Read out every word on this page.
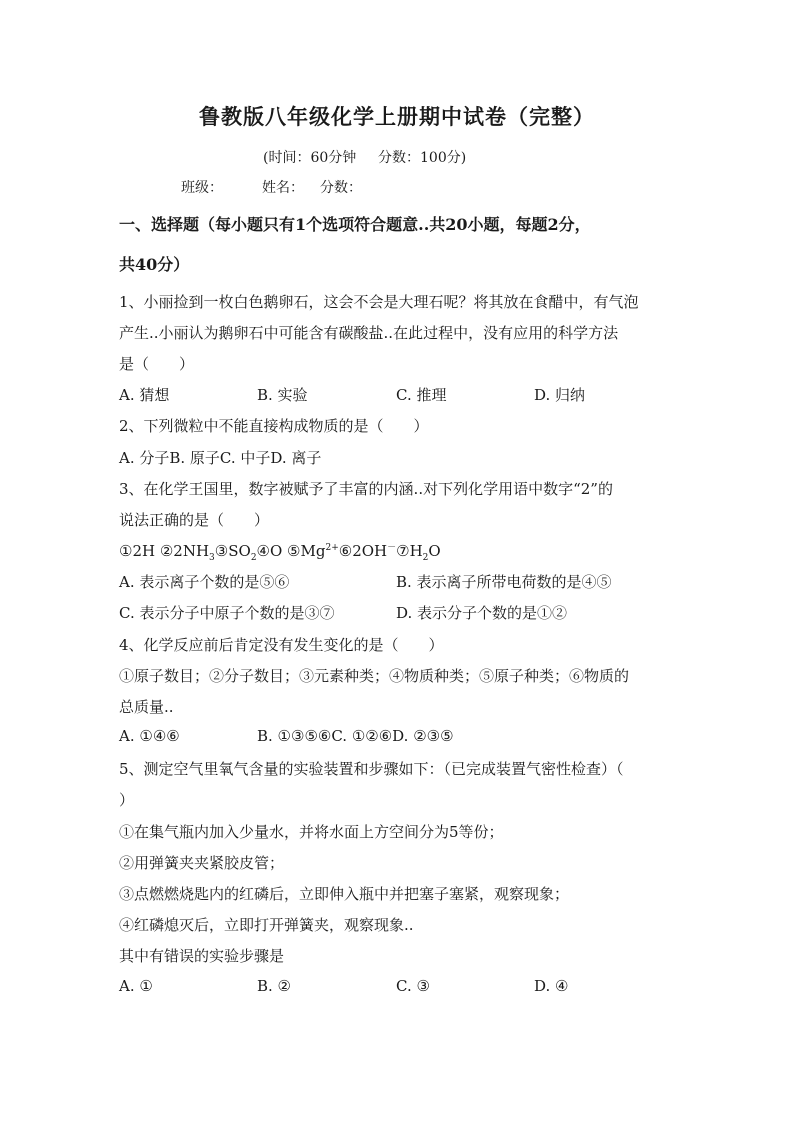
鲁教版八年级化学上册期中试卷（完整）
(时间：60分钟 分数：100分)
班级：	姓名： 分数：
一、选择题（每小题只有1个选项符合题意..共20小题，每题2分，
共40分）
1、小丽捡到一枚白色鹅卵石，这会不会是大理石呢？将其放在食醋中，有气泡
产生..小丽认为鹅卵石中可能含有碳酸盐..在此过程中，没有应用的科学方法
是（　　）
A. 猜想	B. 实验	C. 推理	D. 归纳
2、下列微粒中不能直接构成物质的是（　　）
A. 分子B. 原子C. 中子D. 离子
3、在化学王国里，数字被赋予了丰富的内涵..对下列化学用语中数字“2”的
说法正确的是（　　）
①2H $②2NH_3③SO_2④O$ $⑤Mg^{2+}⑥2OH^-⑦H_2O$
A. 表示离子个数的是⑤⑥	B. 表示离子所带电荷数的是④⑤
C. 表示分子中原子个数的是③⑦	D. 表示分子个数的是①②
4、化学反应前后肯定没有发生变化的是（　　）
①原子数目；②分子数目；③元素种类；④物质种类；⑤原子种类；⑥物质的
总质量..
A. ①④⑥	B. ①③⑤⑥C. ①②⑥D. ②③⑤
5、测定空气里氧气含量的实验装置和步骤如下：（已完成装置气密性检查）（
）
①在集气瓶内加入少量水，并将水面上方空间分为5等份；
②用弹簧夹夹紧胶皮管；
③点燃燃烧匙内的红磷后，立即伸入瓶中并把塞子塞紧，观察现象；
④红磷熄灭后，立即打开弹簧夹，观察现象..
其中有错误的实验步骤是
A. ①	B. ②	C. ③	D. ④
